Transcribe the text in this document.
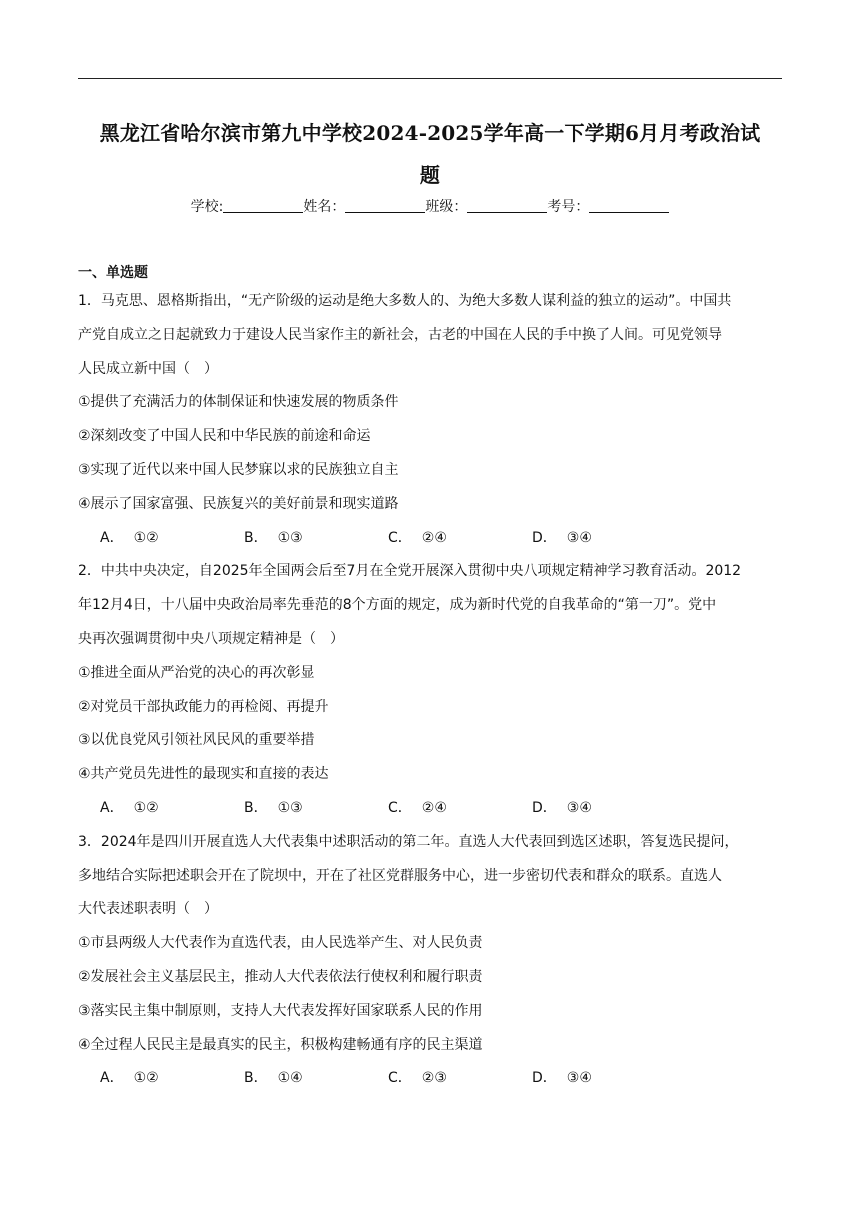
黑龙江省哈尔滨市第九中学校2024-2025学年高一下学期6月月考政治试
题
学校:	姓名：	班级：	考号：
一、单选题

1．马克思、恩格斯指出，“无产阶级的运动是绝大多数人的、为绝大多数人谋利益的独立的运动”。中国共
产党自成立之日起就致力于建设人民当家作主的新社会，古老的中国在人民的手中换了人间。可见党领导
人民成立新中国（　）

①提供了充满活力的体制保证和快速发展的物质条件

②深刻改变了中国人民和中华民族的前途和命运

③实现了近代以来中国人民梦寐以求的民族独立自主

④展示了国家富强、民族复兴的美好前景和现实道路

A． ①②	B． ①③	C． ②④	D． ③④

2．中共中央决定，自2025年全国两会后至7月在全党开展深入贯彻中央八项规定精神学习教育活动。2012
年12月4日，十八届中央政治局率先垂范的8个方面的规定，成为新时代党的自我革命的“第一刀”。党中
央再次强调贯彻中央八项规定精神是（　）

①推进全面从严治党的决心的再次彰显

②对党员干部执政能力的再检阅、再提升

③以优良党风引领社风民风的重要举措

④共产党员先进性的最现实和直接的表达

A． ①②	B． ①③	C． ②④	D． ③④

3．2024年是四川开展直选人大代表集中述职活动的第二年。直选人大代表回到选区述职，答复选民提问，
多地结合实际把述职会开在了院坝中，开在了社区党群服务中心，进一步密切代表和群众的联系。直选人
大代表述职表明（　）

①市县两级人大代表作为直选代表，由人民选举产生、对人民负责

②发展社会主义基层民主，推动人大代表依法行使权利和履行职责

③落实民主集中制原则，支持人大代表发挥好国家联系人民的作用

④全过程人民民主是最真实的民主，积极构建畅通有序的民主渠道

A． ①②	B． ①④	C． ②③	D． ③④
